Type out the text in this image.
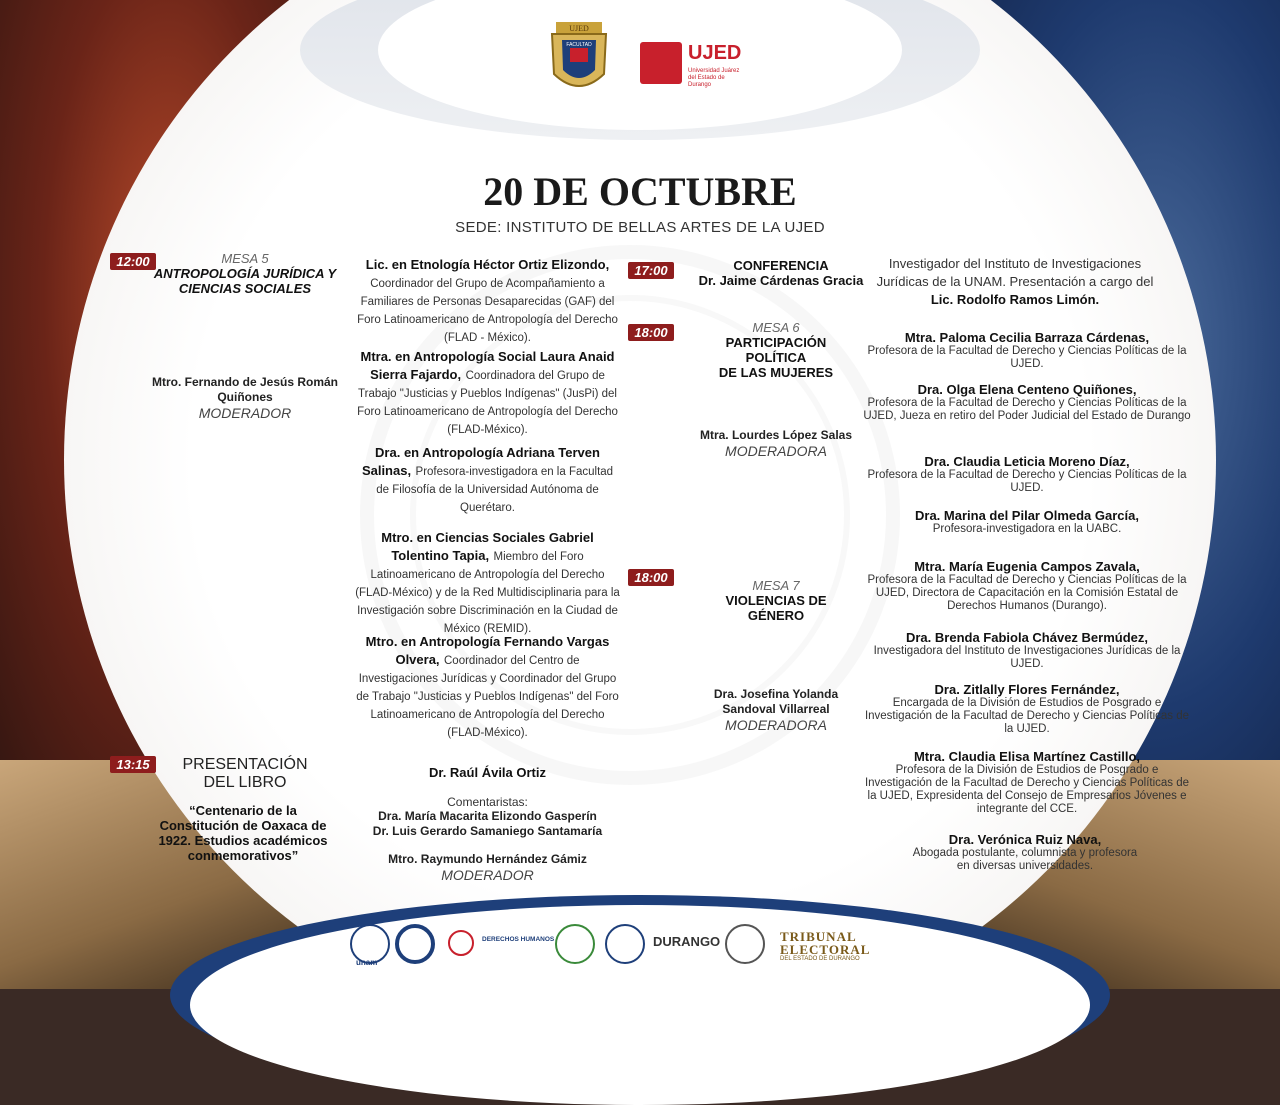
UJED
FACULTAD	UJED
Universidad Juárez del Estado de Durango
20 DE OCTUBRE
SEDE: INSTITUTO DE BELLAS ARTES DE LA UJED
12:00	MESA 5
ANTROPOLOGÍA JURÍDICA Y CIENCIAS SOCIALES
Mtro. Fernando de Jesús Román Quiñones
MODERADOR
Lic. en Etnología Héctor Ortiz Elizondo, Coordinador del Grupo de Acompañamiento a Familiares de Personas Desaparecidas (GAF) del Foro Latinoamericano de Antropología del Derecho (FLAD - México).
Mtra. en Antropología Social Laura Anaid Sierra Fajardo, Coordinadora del Grupo de Trabajo "Justicias y Pueblos Indígenas" (JusPi) del Foro Latinoamericano de Antropología del Derecho (FLAD-México).
Dra. en Antropología Adriana Terven Salinas, Profesora-investigadora en la Facultad de Filosofía de la Universidad Autónoma de Querétaro.
Mtro. en Ciencias Sociales Gabriel Tolentino Tapia, Miembro del Foro Latinoamericano de Antropología del Derecho (FLAD-México) y de la Red Multidisciplinaria para la Investigación sobre Discriminación en la Ciudad de México (REMID).
Mtro. en Antropología Fernando Vargas Olvera, Coordinador del Centro de Investigaciones Jurídicas y Coordinador del Grupo de Trabajo "Justicias y Pueblos Indígenas" del Foro Latinoamericano de Antropología del Derecho (FLAD-México).
13:15	PRESENTACIÓN DEL LIBRO
“Centenario de la Constitución de Oaxaca de 1922. Estudios académicos conmemorativos”
Dr. Raúl Ávila Ortiz
Comentaristas:
Dra. María Macarita Elizondo Gasperín
Dr. Luis Gerardo Samaniego Santamaría
Mtro. Raymundo Hernández Gámiz
MODERADOR
17:00	CONFERENCIA
Dr. Jaime Cárdenas Gracia
Investigador del Instituto de Investigaciones Jurídicas de la UNAM. Presentación a cargo del Lic. Rodolfo Ramos Limón.
18:00	MESA 6
PARTICIPACIÓN
POLÍTICA
DE LAS MUJERES
Mtra. Lourdes López Salas
MODERADORA
Mtra. Paloma Cecilia Barraza Cárdenas,
Profesora de la Facultad de Derecho y Ciencias Políticas de la UJED.
Dra. Olga Elena Centeno Quiñones,
Profesora de la Facultad de Derecho y Ciencias Políticas de la UJED, Jueza en retiro del Poder Judicial del Estado de Durango
Dra. Claudia Leticia Moreno Díaz,
Profesora de la Facultad de Derecho y Ciencias Políticas de la UJED.
Dra. Marina del Pilar Olmeda García,
Profesora-investigadora en la UABC.
18:00
MESA 7
VIOLENCIAS DE
GÉNERO
Dra. Josefina Yolanda Sandoval Villarreal
MODERADORA
Mtra. María Eugenia Campos Zavala,
Profesora de la Facultad de Derecho y Ciencias Políticas de la UJED, Directora de Capacitación en la Comisión Estatal de Derechos Humanos (Durango).
Dra. Brenda Fabiola Chávez Bermúdez,
Investigadora del Instituto de Investigaciones Jurídicas de la UJED.
Dra. Zitlally Flores Fernández,
Encargada de la División de Estudios de Posgrado e Investigación de la Facultad de Derecho y Ciencias Políticas de la UJED.
Mtra. Claudia Elisa Martínez Castillo,
Profesora de la División de Estudios de Posgrado e Investigación de la Facultad de Derecho y Ciencias Políticas de la UJED, Expresidenta del Consejo de Empresarios Jóvenes e integrante del CCE.
Dra. Verónica Ruiz Nava,
Abogada postulante, columnista y profesora en diversas universidades.
unam
DERECHOS HUMANOS	DURANGO	TRIBUNAL
ELECTORAL
DEL ESTADO DE DURANGO
